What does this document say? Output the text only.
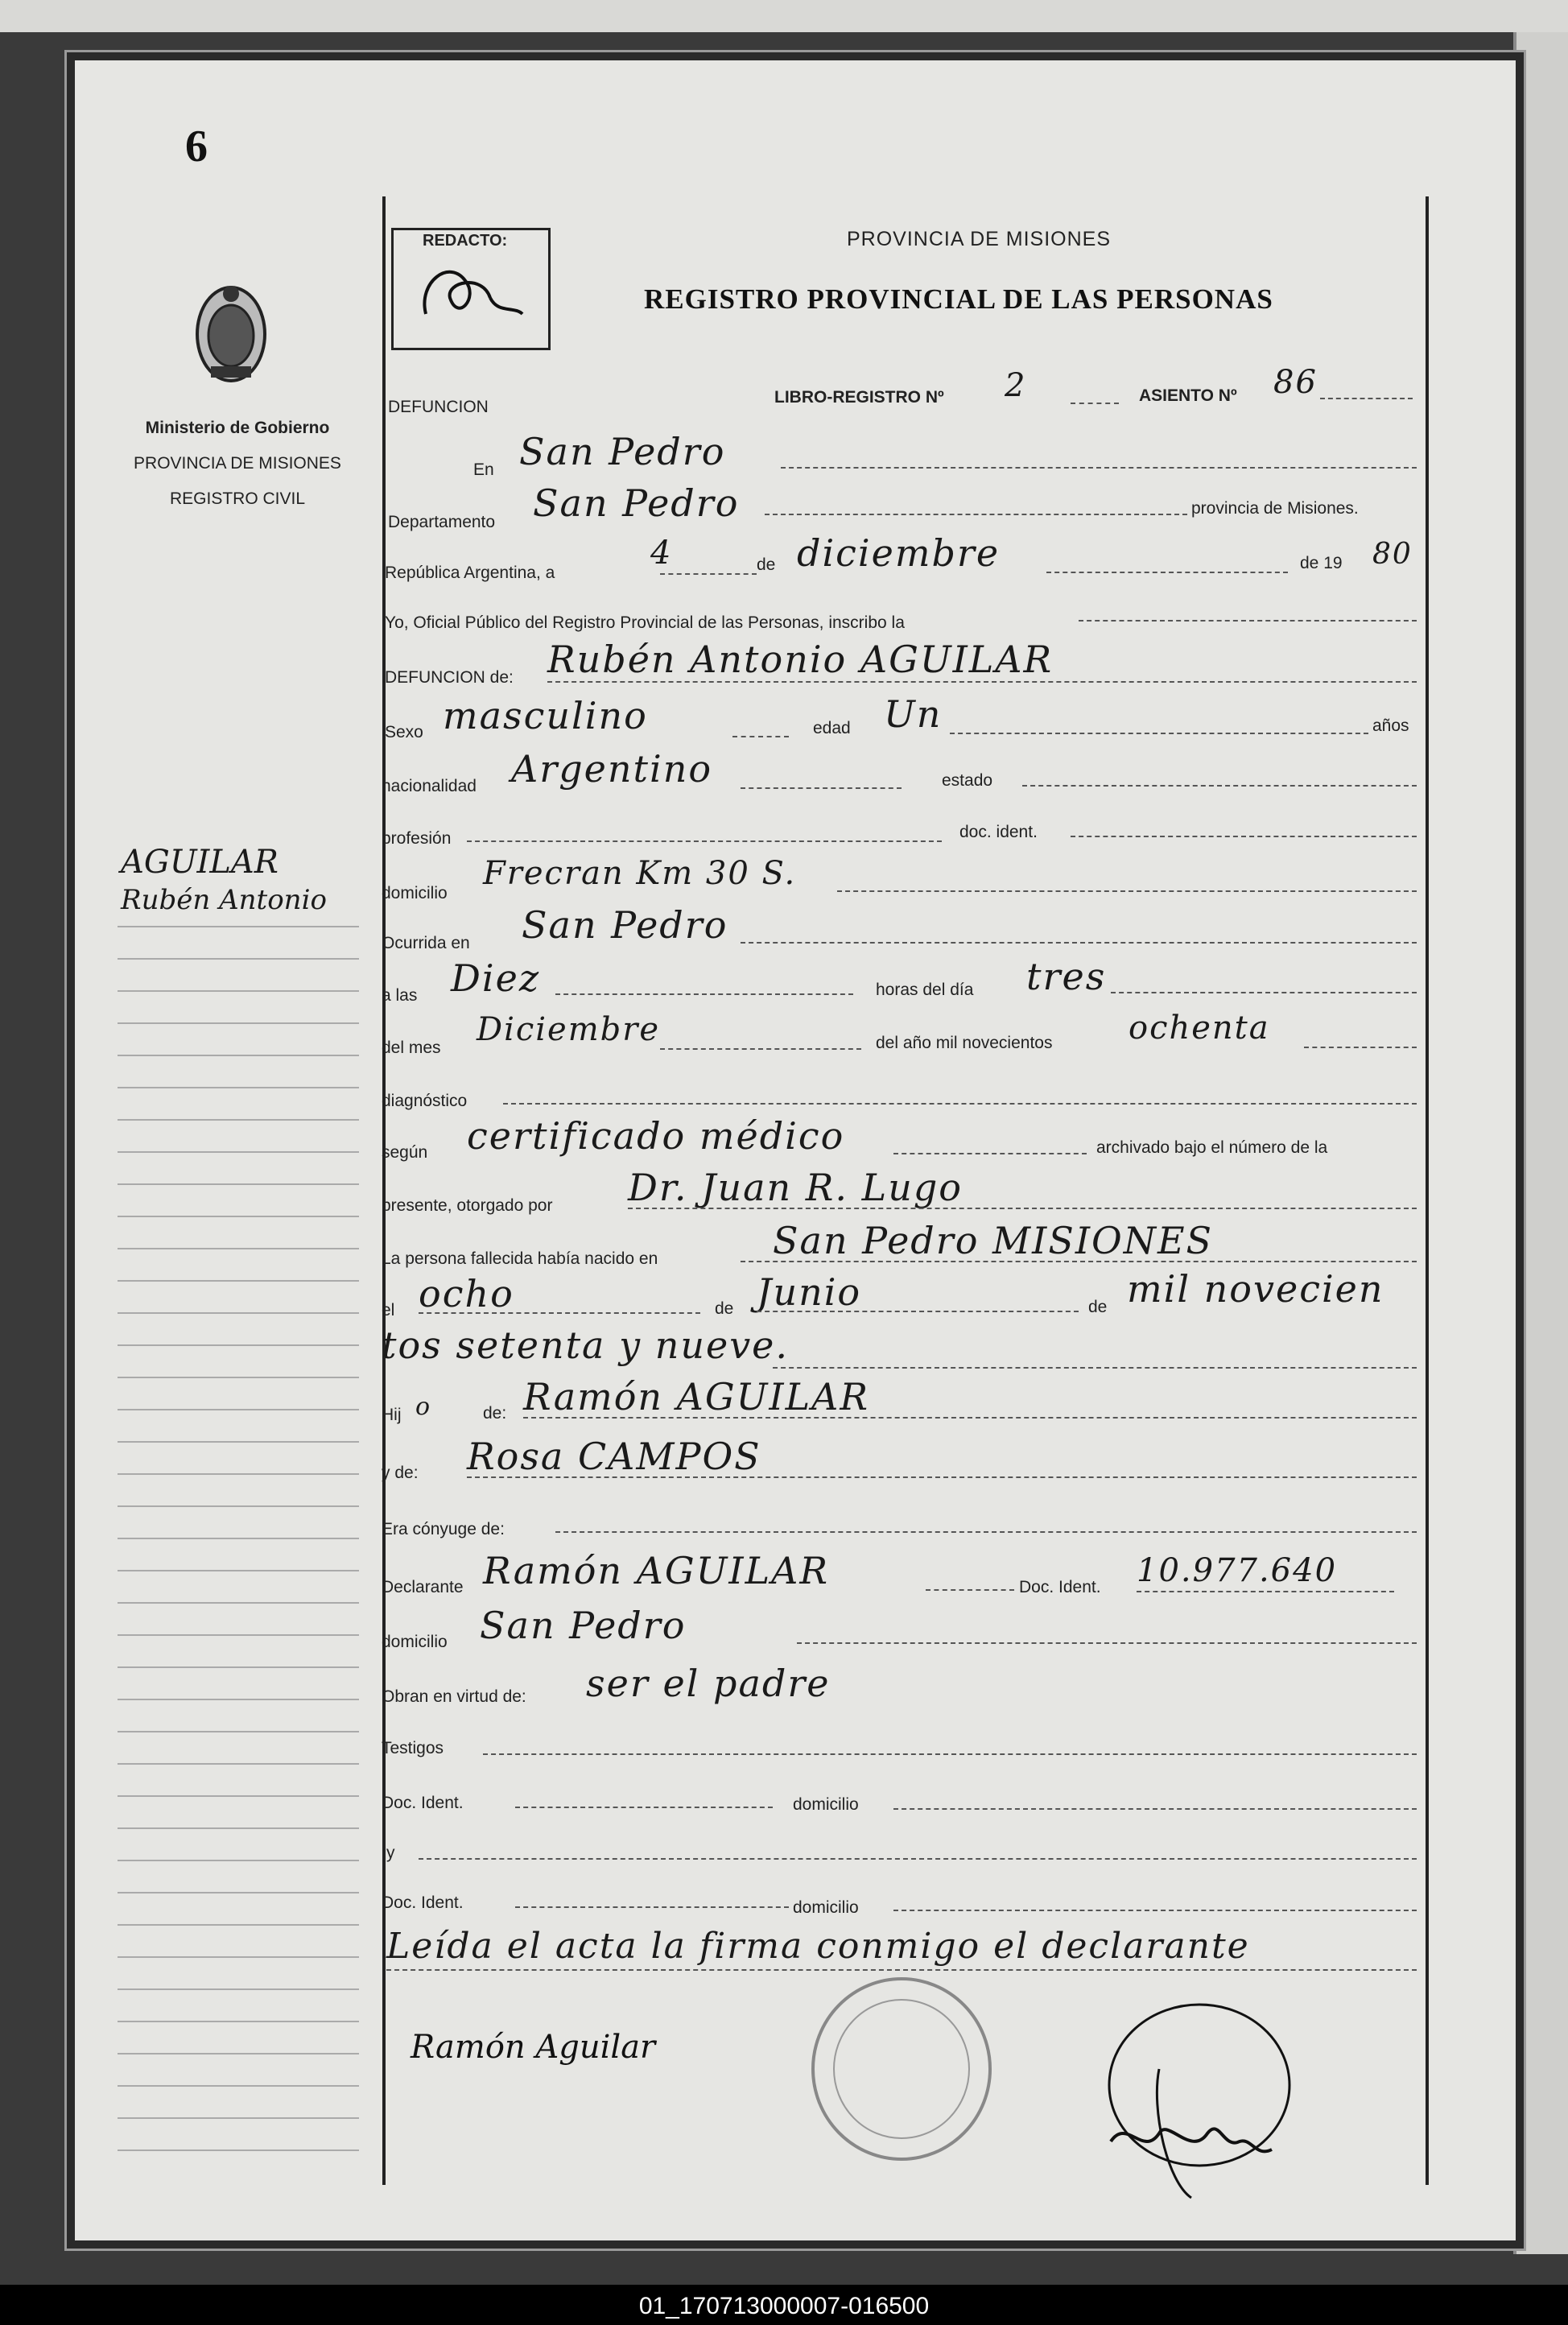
6
Ministerio de Gobierno
PROVINCIA DE MISIONES
REGISTRO CIVIL
AGUILAR
Rubén Antonio
REDACTO:	PROVINCIA DE MISIONES
REGISTRO PROVINCIAL DE LAS PERSONAS
DEFUNCION
LIBRO-REGISTRO Nº 2	ASIENTO Nº 86
En San Pedro
Departamento San Pedro	provincia de Misiones.
República Argentina, a
4	de diciembre	de 19 80
Yo, Oficial Público del Registro Provincial de las Personas, inscribo la
DEFUNCION de: Rubén Antonio AGUILAR
Sexo masculino	edad Un	años
nacionalidad Argentino	estado
profesión	doc. ident.
domicilio
Frecran Km 30 S.
Ocurrida en San Pedro
a las Diez	horas del día tres
del mes Diciembre	del año mil novecientos ochenta
diagnóstico
según certificado médico	archivado bajo el número de la
presente, otorgado por Dr. Juan R. Lugo
La persona fallecida había nacido en	San Pedro MISIONES
el ocho	de Junio	de mil novecien
tos setenta y nueve.
Hij o	de: Ramón AGUILAR
y de: Rosa CAMPOS
Era cónyuge de:
Declarante Ramón AGUILAR	Doc. Ident. 10.977.640
domicilio San Pedro
Obran en virtud de: ser el padre
Testigos
Doc. Ident.	domicilio
y
Doc. Ident.	domicilio
Leída el acta la firma conmigo el declarante
Ramón Aguilar
01_170713000007-016500
